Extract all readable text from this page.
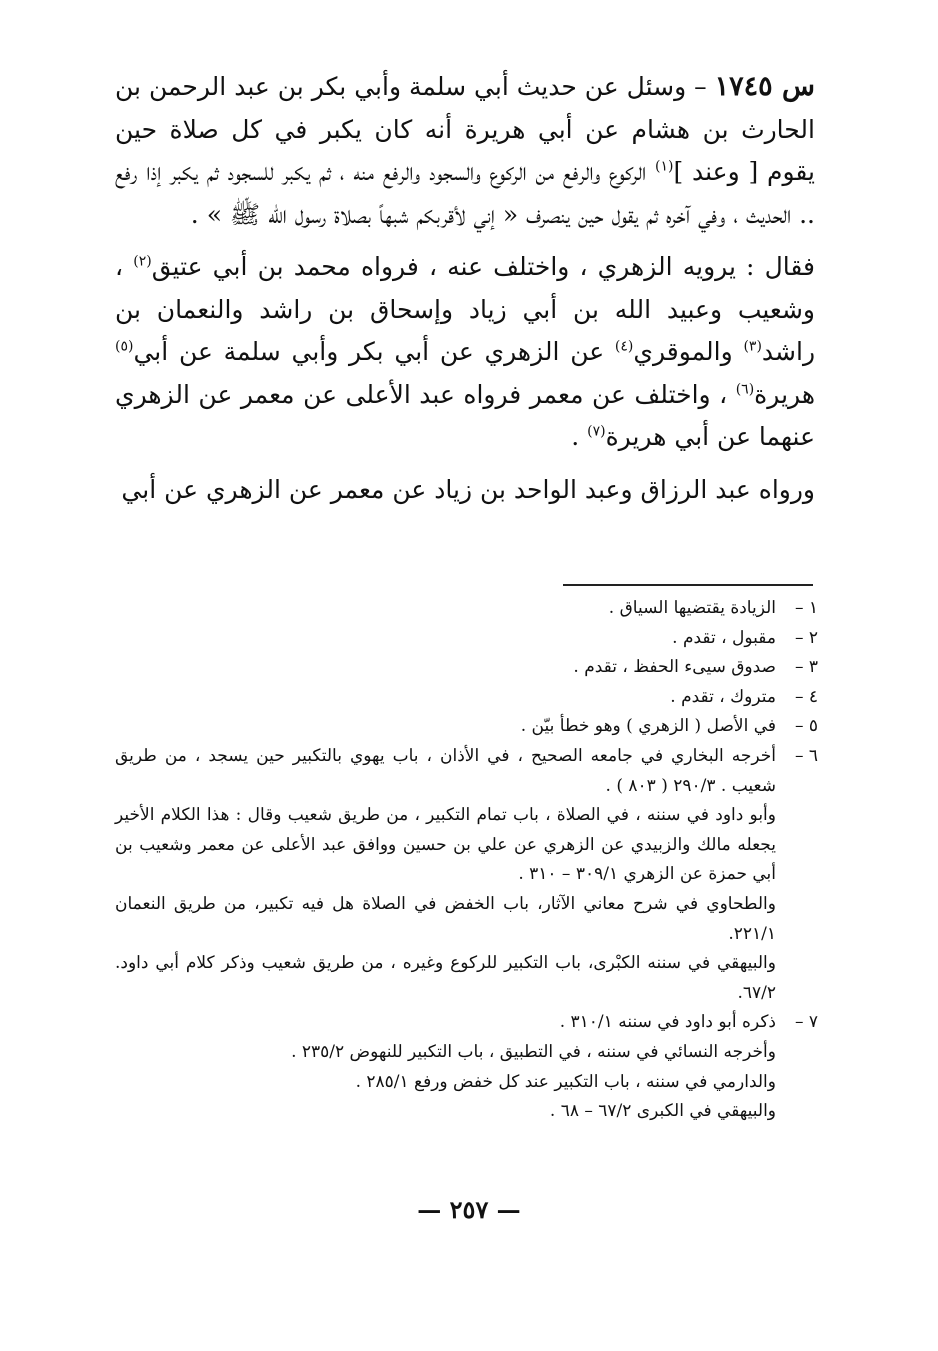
س ١٧٤٥ – وسئل عن حديث أبي سلمة وأبي بكر بن عبد الرحمن بن الحارث بن هشام عن أبي هريرة أنه كان يكبر في كل صلاة حين يقوم [ وعند ]$^{(١)}$ الركوع والرفع من الركوع والسجود والرفع منه ، ثم يكبر للسجود ثم يكبر إذا رفع .. الحديث ، وفي آخره ثم يقول حين ينصرف « إني لأقربكم شبهاً بصلاة رسول الله ﷺ » .

فقال : يرويه الزهري ، واختلف عنه ، فرواه محمد بن أبي عتيق$^{(٢)}$ ، وشعيب وعبيد الله بن أبي زياد وإسحاق بن راشد والنعمان بن راشد$^{(٣)}$ والموقري$^{(٤)}$ عن الزهري عن أبي بكر وأبي سلمة عن أبي$^{(٥)}$ هريرة$^{(٦)}$ ، واختلف عن معمر فرواه عبد الأعلى عن معمر عن الزهري عنهما عن أبي هريرة$^{(٧)}$ .

ورواه عبد الرزاق وعبد الواحد بن زياد عن معمر عن الزهري عن أبي

١ –
الزيادة يقتضيها السياق .
٢ –
مقبول ، تقدم .
٣ –
صدوق سيىء الحفظ ، تقدم .
٤ –
متروك ، تقدم .
٥ –
في الأصل ( الزهري ) وهو خطأ بيّن .
٦ –
أخرجه البخاري في جامعه الصحيح ، في الأذان ، باب يهوي بالتكبير حين يسجد ، من طريق شعيب . ٢٩٠/٣ ( ٨٠٣ ) .
وأبو داود في سننه ، في الصلاة ، باب تمام التكبير ، من طريق شعيب وقال : هذا الكلام الأخير يجعله مالك والزبيدي عن الزهري عن علي بن حسين ووافق عبد الأعلى عن معمر وشعيب بن أبي حمزة عن الزهري ٣٠٩/١ – ٣١٠ .
والطحاوي في شرح معاني الآثار، باب الخفض في الصلاة هل فيه تكبير، من طريق النعمان ٢٢١/١.
والبيهقي في سننه الكبْرى، باب التكبير للركوع وغيره ، من طريق شعيب وذكر كلام أبي داود. ٦٧/٢.
٧ –
ذكره أبو داود في سننه ٣١٠/١ .
وأخرجه النسائي في سننه ، في التطبيق ، باب التكبير للنهوض ٢٣٥/٢ .
والدارمي في سننه ، باب التكبير عند كل خفض ورفع ٢٨٥/١ .
والبيهقي في الكبرى ٦٧/٢ – ٦٨ .
— ٢٥٧ —
